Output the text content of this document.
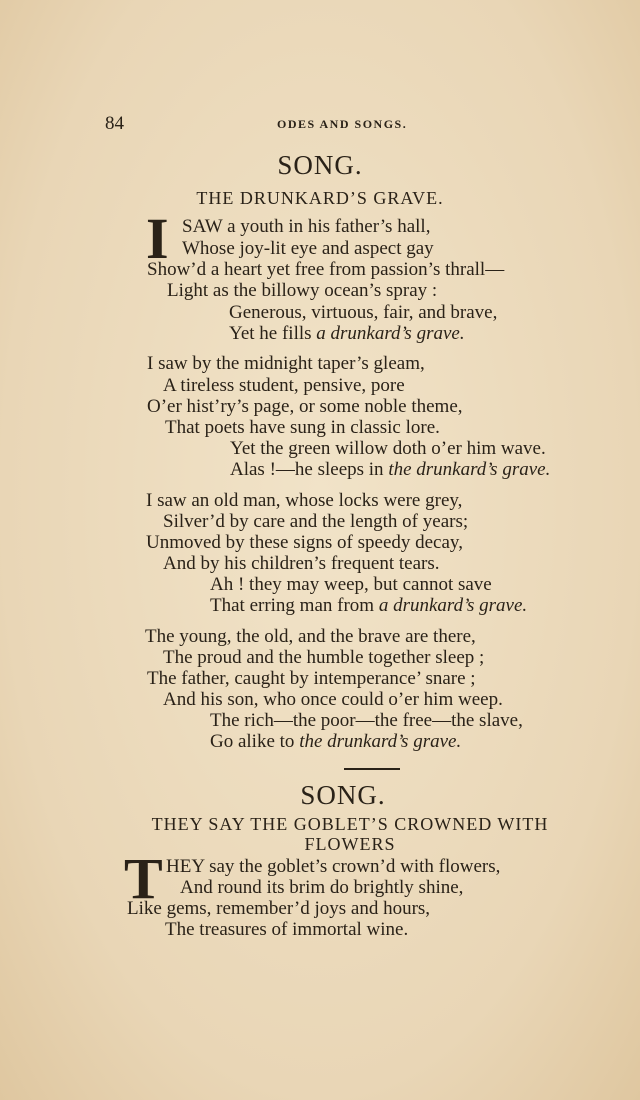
84	ODES AND SONGS.
SONG.
THE DRUNKARD’S GRAVE.
I SAW a youth in his father’s hall,
Whose joy-lit eye and aspect gay
Show’d a heart yet free from passion’s thrall—
Light as the billowy ocean’s spray :
Generous, virtuous, fair, and brave,
Yet he fills a drunkard’s grave.
I saw by the midnight taper’s gleam,
A tireless student, pensive, pore
O’er hist’ry’s page, or some noble theme,
That poets have sung in classic lore.
Yet the green willow doth o’er him wave.
Alas !—he sleeps in the drunkard’s grave.
I saw an old man, whose locks were grey,
Silver’d by care and the length of years;
Unmoved by these signs of speedy decay,
And by his children’s frequent tears.
Ah ! they may weep, but cannot save
That erring man from a drunkard’s grave.
The young, the old, and the brave are there,
The proud and the humble together sleep ;
The father, caught by intemperance’ snare ;
And his son, who once could o’er him weep.
The rich—the poor—the free—the slave,
Go alike to the drunkard’s grave.
SONG.
THEY SAY THE GOBLET’S CROWNED WITH
FLOWERS
T HEY say the goblet’s crown’d with flowers,
And round its brim do brightly shine,
Like gems, remember’d joys and hours,
The treasures of immortal wine.
